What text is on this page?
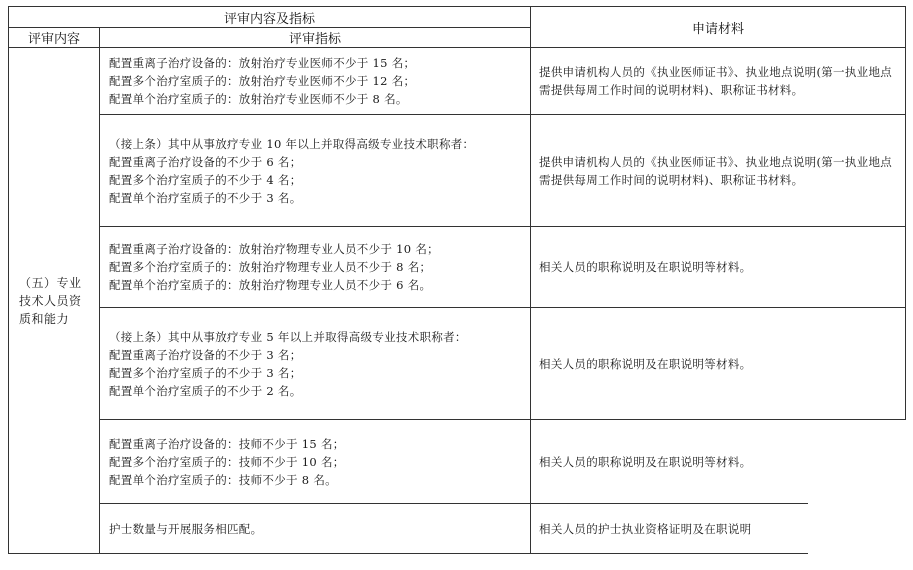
评审内容及指标		申请材料
评审内容	评审指标	
（五）专业技术人员资质和能力	配置重离子治疗设备的：放射治疗专业医师不少于 15 名；
配置多个治疗室质子的：放射治疗专业医师不少于 12 名；
配置单个治疗室质子的：放射治疗专业医师不少于 8 名。	提供申请机构人员的《执业医师证书》、执业地点说明(第一执业地点需提供每周工作时间的说明材料)、职称证书材料。

	（接上条）其中从事放疗专业 10 年以上并取得高级专业技术职称者：
配置重离子治疗设备的不少于 6 名；
配置多个治疗室质子的不少于 4 名；
配置单个治疗室质子的不少于 3 名。	提供申请机构人员的《执业医师证书》、执业地点说明(第一执业地点需提供每周工作时间的说明材料)、职称证书材料。

	配置重离子治疗设备的：放射治疗物理专业人员不少于 10 名；
配置多个治疗室质子的：放射治疗物理专业人员不少于 8 名；
配置单个治疗室质子的：放射治疗物理专业人员不少于 6 名。	相关人员的职称说明及在职说明等材料。

	（接上条）其中从事放疗专业 5 年以上并取得高级专业技术职称者：
配置重离子治疗设备的不少于 3 名；
配置多个治疗室质子的不少于 3 名；
配置单个治疗室质子的不少于 2 名。	相关人员的职称说明及在职说明等材料。

	配置重离子治疗设备的：技师不少于 15 名；
配置多个治疗室质子的：技师不少于 10 名；
配置单个治疗室质子的：技师不少于 8 名。	相关人员的职称说明及在职说明等材料。

	护士数量与开展服务相匹配。	相关人员的护士执业资格证明及在职说明
